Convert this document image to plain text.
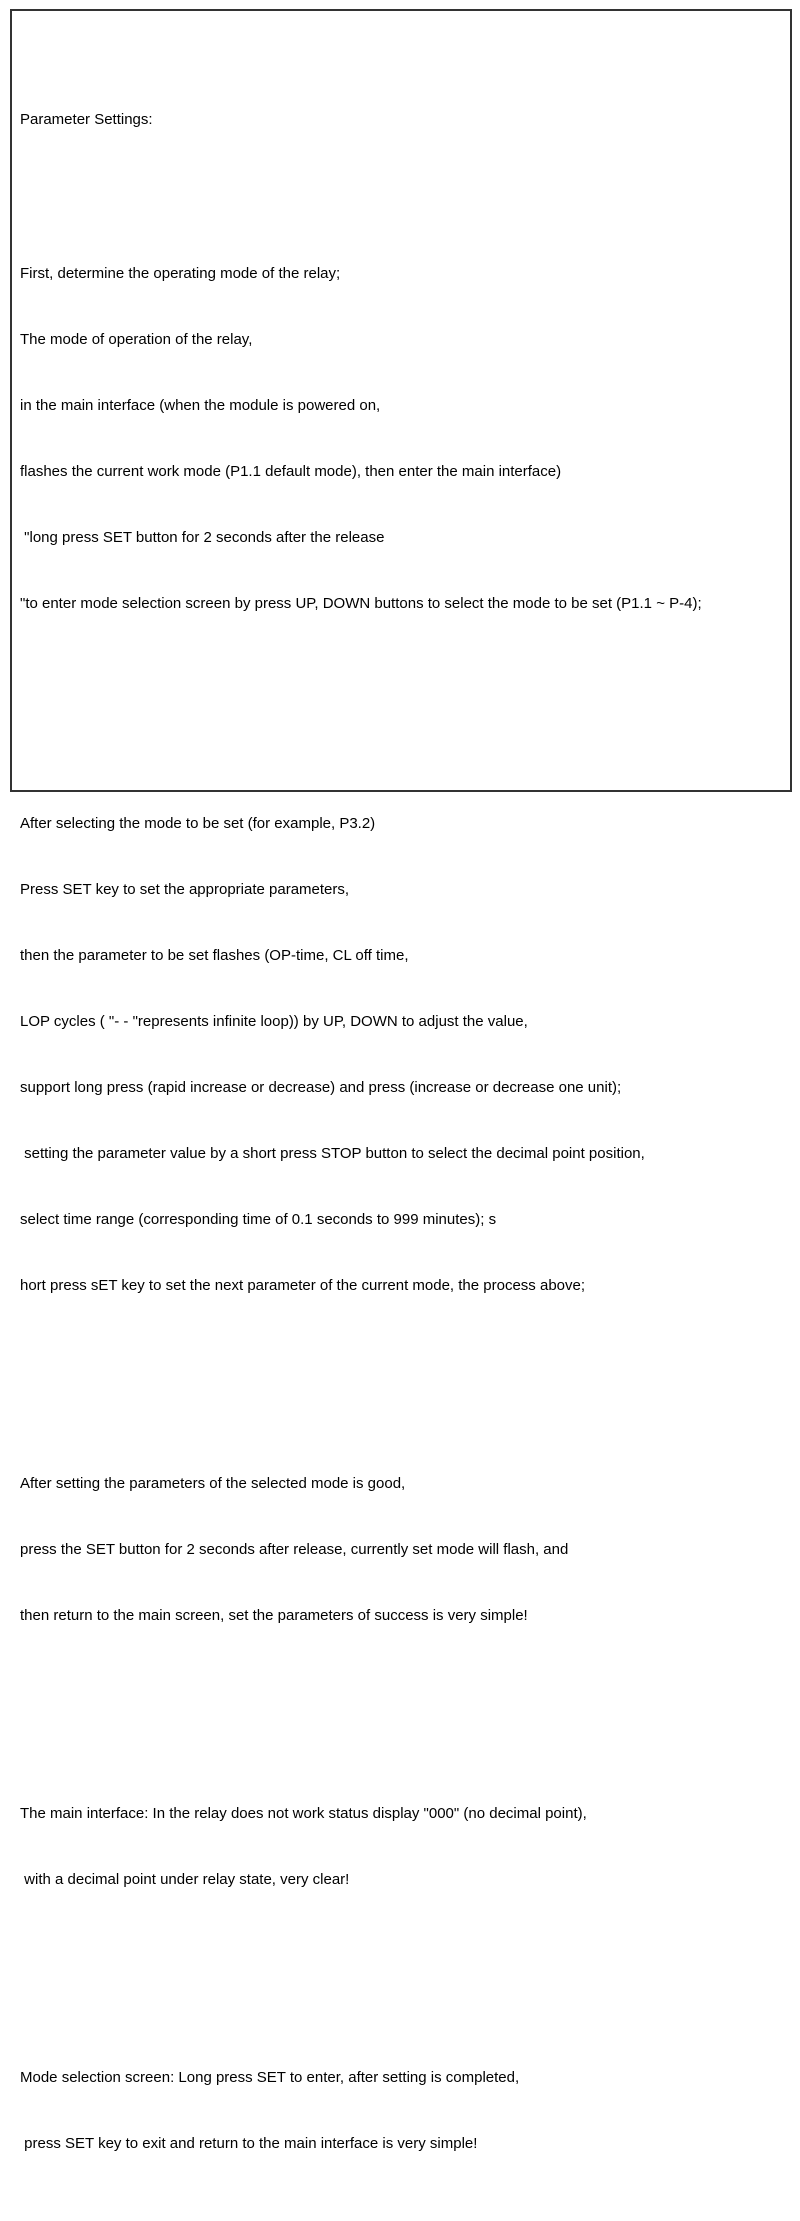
Parameter Settings:

First, determine the operating mode of the relay;

The mode of operation of the relay,

in the main interface (when the module is powered on,

flashes the current work mode (P1.1 default mode), then enter the main interface)

"long press SET button for 2 seconds after the release

"to enter mode selection screen by press UP, DOWN buttons to select the mode to be set (P1.1 ~ P-4);

After selecting the mode to be set (for example, P3.2)

Press SET key to set the appropriate parameters,

then the parameter to be set flashes (OP-time, CL off time,

LOP cycles ( "- - "represents infinite loop)) by UP, DOWN to adjust the value,

support long press (rapid increase or decrease) and press (increase or decrease one unit);

setting the parameter value by a short press STOP button to select the decimal point position,

select time range (corresponding time of 0.1 seconds to 999 minutes); s

hort press sET key to set the next parameter of the current mode, the process above;

After setting the parameters of the selected mode is good,

press the SET button for 2 seconds after release, currently set mode will flash, and

then return to the main screen, set the parameters of success is very simple!

The main interface: In the relay does not work status display "000" (no decimal point),

with a decimal point under relay state, very clear!

Mode selection screen: Long press SET to enter, after setting is completed,

press SET key to exit and return to the main interface is very simple!
